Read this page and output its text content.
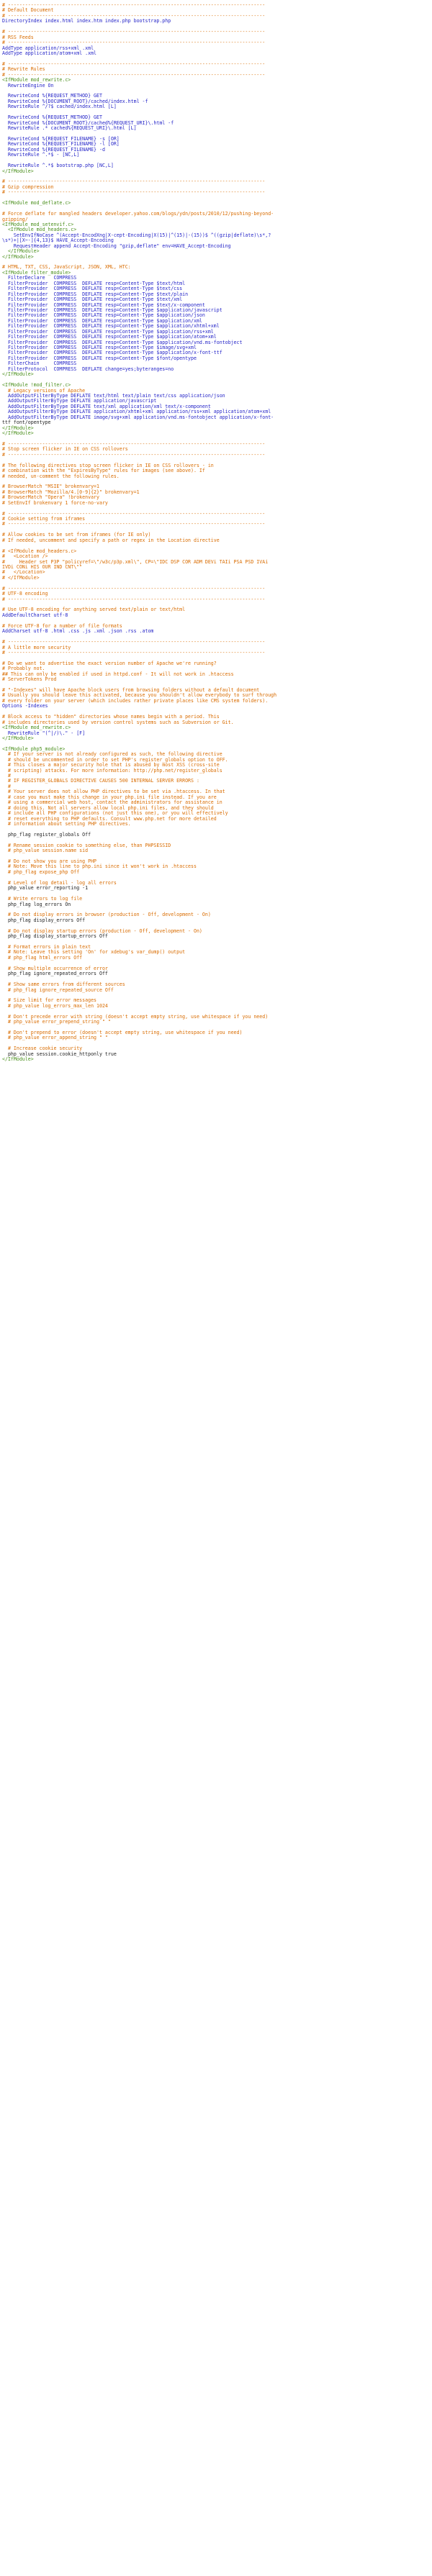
# ------------------------------------------------------------------------------------------
# Default Document
# ------------------------------------------------------------------------------------------
DirectoryIndex index.html index.htm index.php bootstrap.php
# ------------------------------------------------------------------------------------------
# RSS Feeds
# ------------------------------------------------------------------------------------------
AddType application/rss+xml .xml
AddType application/atom+xml .xml
# ------------------------------------------------------------------------------------------
# Rewrite Rules
# ------------------------------------------------------------------------------------------
<IfModule mod_rewrite.c>
RewriteEngine On
RewriteCond %{REQUEST_METHOD} GET
RewriteCond %{DOCUMENT_ROOT}/cached/index.html -f
RewriteRule ^/?$ cached/index.html [L]
RewriteCond %{REQUEST_METHOD} GET
RewriteCond %{DOCUMENT_ROOT}/cached%{REQUEST_URI}\.html -f
RewriteRule .* cached%{REQUEST_URI}\.html [L]
RewriteCond %{REQUEST_FILENAME} -s [OR]
RewriteCond %{REQUEST_FILENAME} -l [OR]
RewriteCond %{REQUEST_FILENAME} -d
RewriteRule ^.*$ - [NC,L]
RewriteRule ^.*$ bootstrap.php [NC,L]
</IfModule>
# ------------------------------------------------------------------------------------------
# Gzip compression
# ------------------------------------------------------------------------------------------
<IfModule mod_deflate.c>
# Force deflate for mangled headers developer.yahoo.com/blogs/ydn/posts/2010/12/pushing-beyond-
gzipping/
<IfModule mod_setenvif.c>
<IfModule mod_headers.c>
SetEnvIfNoCase ^(Accept-EncodXng|X-cept-Encoding|X(15)|^(15)|-(15))$ ^((gzip|deflate)\s*,?
\s*)+|[X~-]{4,13}$ HAVE_Accept-Encoding
RequestHeader append Accept-Encoding "gzip,deflate" env=HAVE_Accept-Encoding
</IfModule>
</IfModule>
# HTML, TXT, CSS, JavaScript, JSON, XML, HTC:
<IfModule filter_module>
FilterDeclare   COMPRESS
FilterProvider  COMPRESS  DEFLATE resp=Content-Type $text/html
FilterProvider  COMPRESS  DEFLATE resp=Content-Type $text/css
FilterProvider  COMPRESS  DEFLATE resp=Content-Type $text/plain
FilterProvider  COMPRESS  DEFLATE resp=Content-Type $text/xml
FilterProvider  COMPRESS  DEFLATE resp=Content-Type $text/x-component
FilterProvider  COMPRESS  DEFLATE resp=Content-Type $application/javascript
FilterProvider  COMPRESS  DEFLATE resp=Content-Type $application/json
FilterProvider  COMPRESS  DEFLATE resp=Content-Type $application/xml
FilterProvider  COMPRESS  DEFLATE resp=Content-Type $application/xhtml+xml
FilterProvider  COMPRESS  DEFLATE resp=Content-Type $application/rss+xml
FilterProvider  COMPRESS  DEFLATE resp=Content-Type $application/atom+xml
FilterProvider  COMPRESS  DEFLATE resp=Content-Type $application/vnd.ms-fontobject
FilterProvider  COMPRESS  DEFLATE resp=Content-Type $image/svg+xml
FilterProvider  COMPRESS  DEFLATE resp=Content-Type $application/x-font-ttf
FilterProvider  COMPRESS  DEFLATE resp=Content-Type $font/opentype
FilterChain     COMPRESS
FilterProtocol  COMPRESS  DEFLATE change=yes;byteranges=no
</IfModule>
<IfModule !mod_filter.c>
# Legacy versions of Apache
AddOutputFilterByType DEFLATE text/html text/plain text/css application/json
AddOutputFilterByType DEFLATE application/javascript
AddOutputFilterByType DEFLATE text/xml application/xml text/x-component
AddOutputFilterByType DEFLATE application/xhtml+xml application/rss+xml application/atom+xml
AddOutputFilterByType DEFLATE image/svg+xml application/vnd.ms-fontobject application/x-font-
ttf font/opentype
</IfModule>
</IfModule>
# ------------------------------------------------------------------------------------------
# Stop screen flicker in IE on CSS rollovers
# ------------------------------------------------------------------------------------------
# The following directives stop screen flicker in IE on CSS rollovers - in
# combination with the "ExpiresByType" rules for images (see above). If
# needed, un-comment the following rules.
# BrowserMatch "MSIE" brokenvary=1
# BrowserMatch "Mozilla/4.[0-9]{2}" brokenvary=1
# BrowserMatch "Opera" !brokenvary
# SetEnvIf brokenvary 1 force-no-vary
# ------------------------------------------------------------------------------------------
# Cookie setting from iframes
# ------------------------------------------------------------------------------------------
# Allow cookies to be set from iframes (for IE only)
# If needed, uncomment and specify a path or regex in the Location directive
# <IfModule mod_headers.c>
#   <Location />
#     Header set P3P "policyref=\"/w3c/p3p.xml\", CP=\"IDC DSP COR ADM DEVi TAIi PSA PSD IVAi
IVDi CONi HIS OUR IND CNT\""
#   </Location>
# </IfModule>
# ------------------------------------------------------------------------------------------
# UTF-8 encoding
# ------------------------------------------------------------------------------------------
# Use UTF-8 encoding for anything served text/plain or text/html
AddDefaultCharset utf-8
# Force UTF-8 for a number of file formats
AddCharset utf-8 .html .css .js .xml .json .rss .atom
# ------------------------------------------------------------------------------------------
# A little more security
# ------------------------------------------------------------------------------------------
# Do we want to advertise the exact version number of Apache we're running?
# Probably not.
## This can only be enabled if used in httpd.conf - It will not work in .htaccess
# ServerTokens Prod
# "-Indexes" will have Apache block users from browsing folders without a default document
# Usually you should leave this activated, because you shouldn't allow everybody to surf through
# every folder on your server (which includes rather private places like CMS system folders).
Options -Indexes
# Block access to "hidden" directories whose names begin with a period. This
# includes directories used by version control systems such as Subversion or Git.
<IfModule mod_rewrite.c>
RewriteRule "(^|/)\." - [F]
</IfModule>
<IfModule php5_module>
# If your server is not already configured as such, the following directive
# should be uncommented in order to set PHP's register_globals option to OFF.
# This closes a major security hole that is abused by most XSS (cross-site
# scripting) attacks. For more information: http://php.net/register_globals
#
# IF REGISTER_GLOBALS DIRECTIVE CAUSES 500 INTERNAL SERVER ERRORS :
#
# Your server does not allow PHP directives to be set via .htaccess. In that
# case you must make this change in your php.ini file instead. If you are
# using a commercial web host, contact the administrators for assistance in
# doing this. Not all servers allow local php.ini files, and they should
# include all PHP configurations (not just this one), or you will effectively
# reset everything to PHP defaults. Consult www.php.net for more detailed
# information about setting PHP directives.
php_flag register_globals Off
# Rename session cookie to something else, than PHPSESSID
# php_value session.name sid
# Do not show you are using PHP
# Note: Move this line to php.ini since it won't work in .htaccess
# php_flag expose_php Off
# Level of log detail - log all errors
php_value error_reporting -1
# Write errors to log file
php_flag log_errors On
# Do not display errors in browser (production - Off, development - On)
php_flag display_errors Off
# Do not display startup errors (production - Off, development - On)
php_flag display_startup_errors Off
# Format errors in plain text
# Note: Leave this setting 'On' for xdebug's var_dump() output
# php_flag html_errors Off
# Show multiple occurrence of error
php_flag ignore_repeated_errors Off
# Show same errors from different sources
# php_flag ignore_repeated_source Off
# Size limit for error messages
# php_value log_errors_max_len 1024
# Don't precede error with string (doesn't accept empty string, use whitespace if you need)
# php_value error_prepend_string " "
# Don't prepend to error (doesn't accept empty string, use whitespace if you need)
# php_value error_append_string " "
# Increase cookie security
php_value session.cookie_httponly true
</IfModule>
